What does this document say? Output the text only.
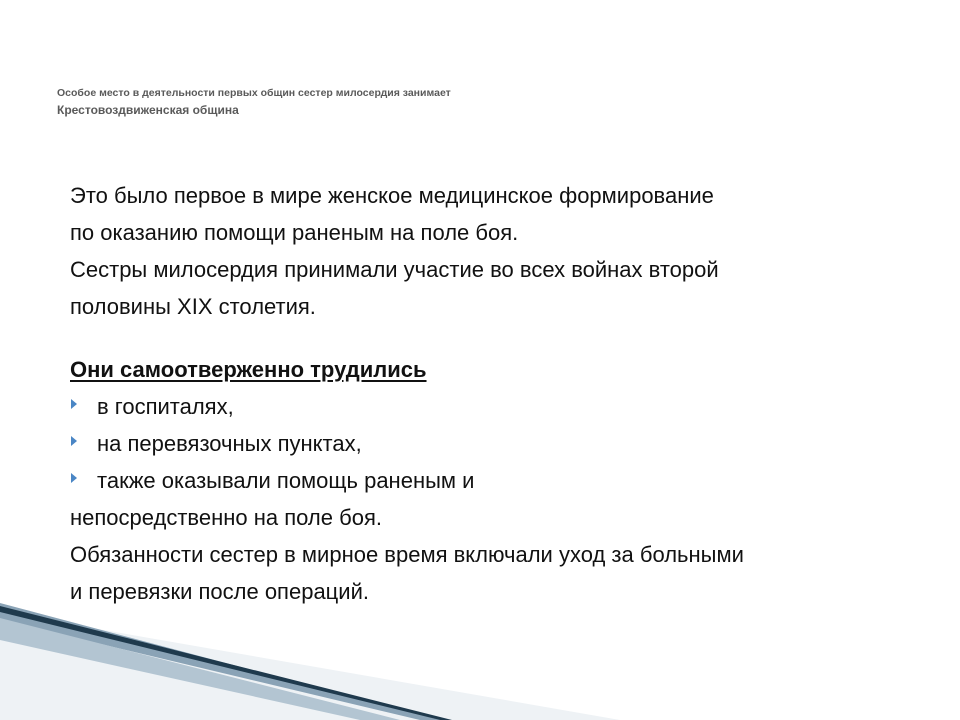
Особое место в деятельности первых общин сестер милосердия занимает
Крестовоздвиженская община
Это было первое в мире женское медицинское формирование
по оказанию помощи раненым на поле боя.
Сестры милосердия принимали участие во всех войнах второй
половины XIX столетия.
Они самоотверженно трудились
в госпиталях,
на перевязочных пунктах,
также оказывали помощь раненым и
непосредственно на поле боя.
Обязанности сестер в мирное время включали уход за больными
и перевязки после операций.
